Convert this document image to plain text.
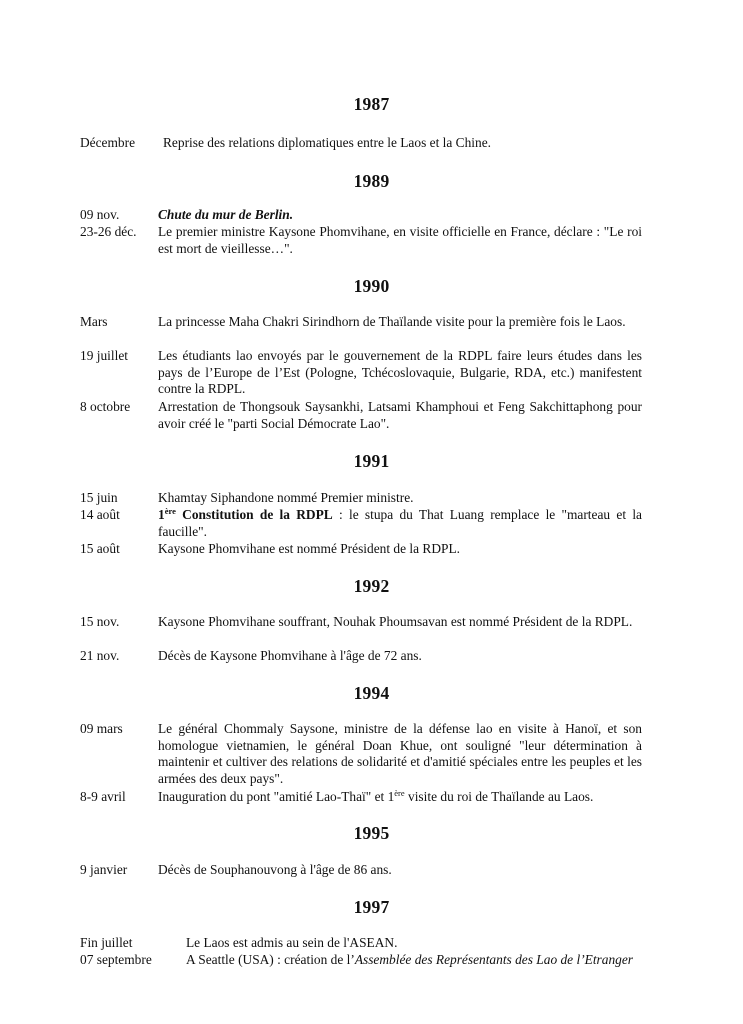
1987
Décembre Reprise des relations diplomatiques entre le Laos et la Chine.
1989
09 nov.	Chute du mur de Berlin.
23-26 déc. Le premier ministre Kaysone Phomvihane, en visite officielle en France, déclare : "Le roi est mort de vieillesse…".
1990
Mars	La princesse Maha Chakri Sirindhorn de Thaïlande visite pour la première fois le Laos.
19 juillet Les étudiants lao envoyés par le gouvernement de la RDPL faire leurs études dans les pays de l’Europe de l’Est (Pologne, Tchécoslovaquie, Bulgarie, RDA, etc.) manifestent contre la RDPL.
8 octobre Arrestation de Thongsouk Saysankhi, Latsami Khamphoui et Feng Sakchittaphong pour avoir créé le "parti Social Démocrate Lao".
1991
15 juin	Khamtay Siphandone nommé Premier ministre.
14 août	1ère Constitution de la RDPL : le stupa du That Luang remplace le "marteau et la faucille".
15 août	Kaysone Phomvihane est nommé Président de la RDPL.
1992
15 nov.	Kaysone Phomvihane souffrant, Nouhak Phoumsavan est nommé Président de la RDPL.
21 nov.	Décès de Kaysone Phomvihane à l'âge de 72 ans.
1994
09 mars	Le général Chommaly Saysone, ministre de la défense lao en visite à Hanoï, et son homologue vietnamien, le général Doan Khue, ont souligné "leur détermination à maintenir et cultiver des relations de solidarité et d'amitié spéciales entre les peuples et les armées des deux pays".
8-9 avril Inauguration du pont "amitié Lao-Thaï" et 1ère visite du roi de Thaïlande au Laos.
1995
9 janvier Décès de Souphanouvong à l'âge de 86 ans.
1997
Fin juillet	Le Laos est admis au sein de l'ASEAN.
07 septembre	A Seattle (USA) : création de l’Assemblée des Représentants des Lao de l’Etranger
